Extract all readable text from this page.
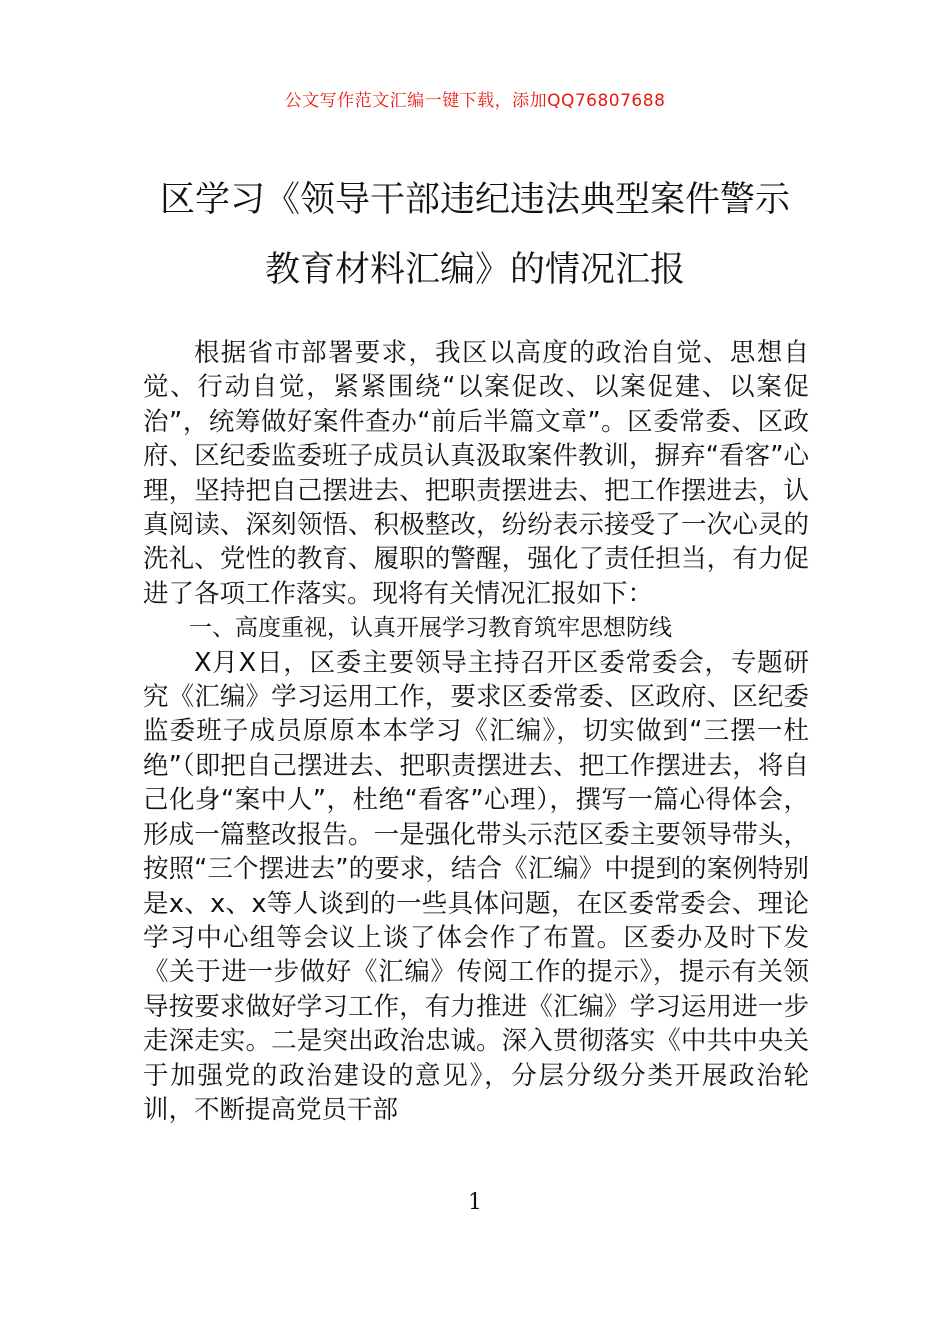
公文写作范文汇编一键下载，添加QQ76807688
区学习《领导干部违纪违法典型案件警示
教育材料汇编》的情况汇报

根据省市部署要求，我区以高度的政治自觉、思想自觉、行动自觉，紧紧围绕“以案促改、以案促建、以案促治”，统筹做好案件查办“前后半篇文章”。区委常委、区政府、区纪委监委班子成员认真汲取案件教训，摒弃“看客”心理，坚持把自己摆进去、把职责摆进去、把工作摆进去，认真阅读、深刻领悟、积极整改，纷纷表示接受了一次心灵的洗礼、党性的教育、履职的警醒，强化了责任担当，有力促进了各项工作落实。现将有关情况汇报如下：

一、高度重视，认真开展学习教育筑牢思想防线

X月X日，区委主要领导主持召开区委常委会，专题研究《汇编》学习运用工作，要求区委常委、区政府、区纪委监委班子成员原原本本学习《汇编》，切实做到“三摆一杜绝”（即把自己摆进去、把职责摆进去、把工作摆进去，将自己化身“案中人”，杜绝“看客”心理），撰写一篇心得体会，形成一篇整改报告。一是强化带头示范区委主要领导带头，按照“三个摆进去”的要求，结合《汇编》中提到的案例特别是x、x、x等人谈到的一些具体问题，在区委常委会、理论学习中心组等会议上谈了体会作了布置。区委办及时下发《关于进一步做好《汇编》传阅工作的提示》，提示有关领导按要求做好学习工作，有力推进《汇编》学习运用进一步走深走实。二是突出政治忠诚。深入贯彻落实《中共中央关于加强党的政治建设的意见》，分层分级分类开展政治轮训，不断提高党员干部

1
